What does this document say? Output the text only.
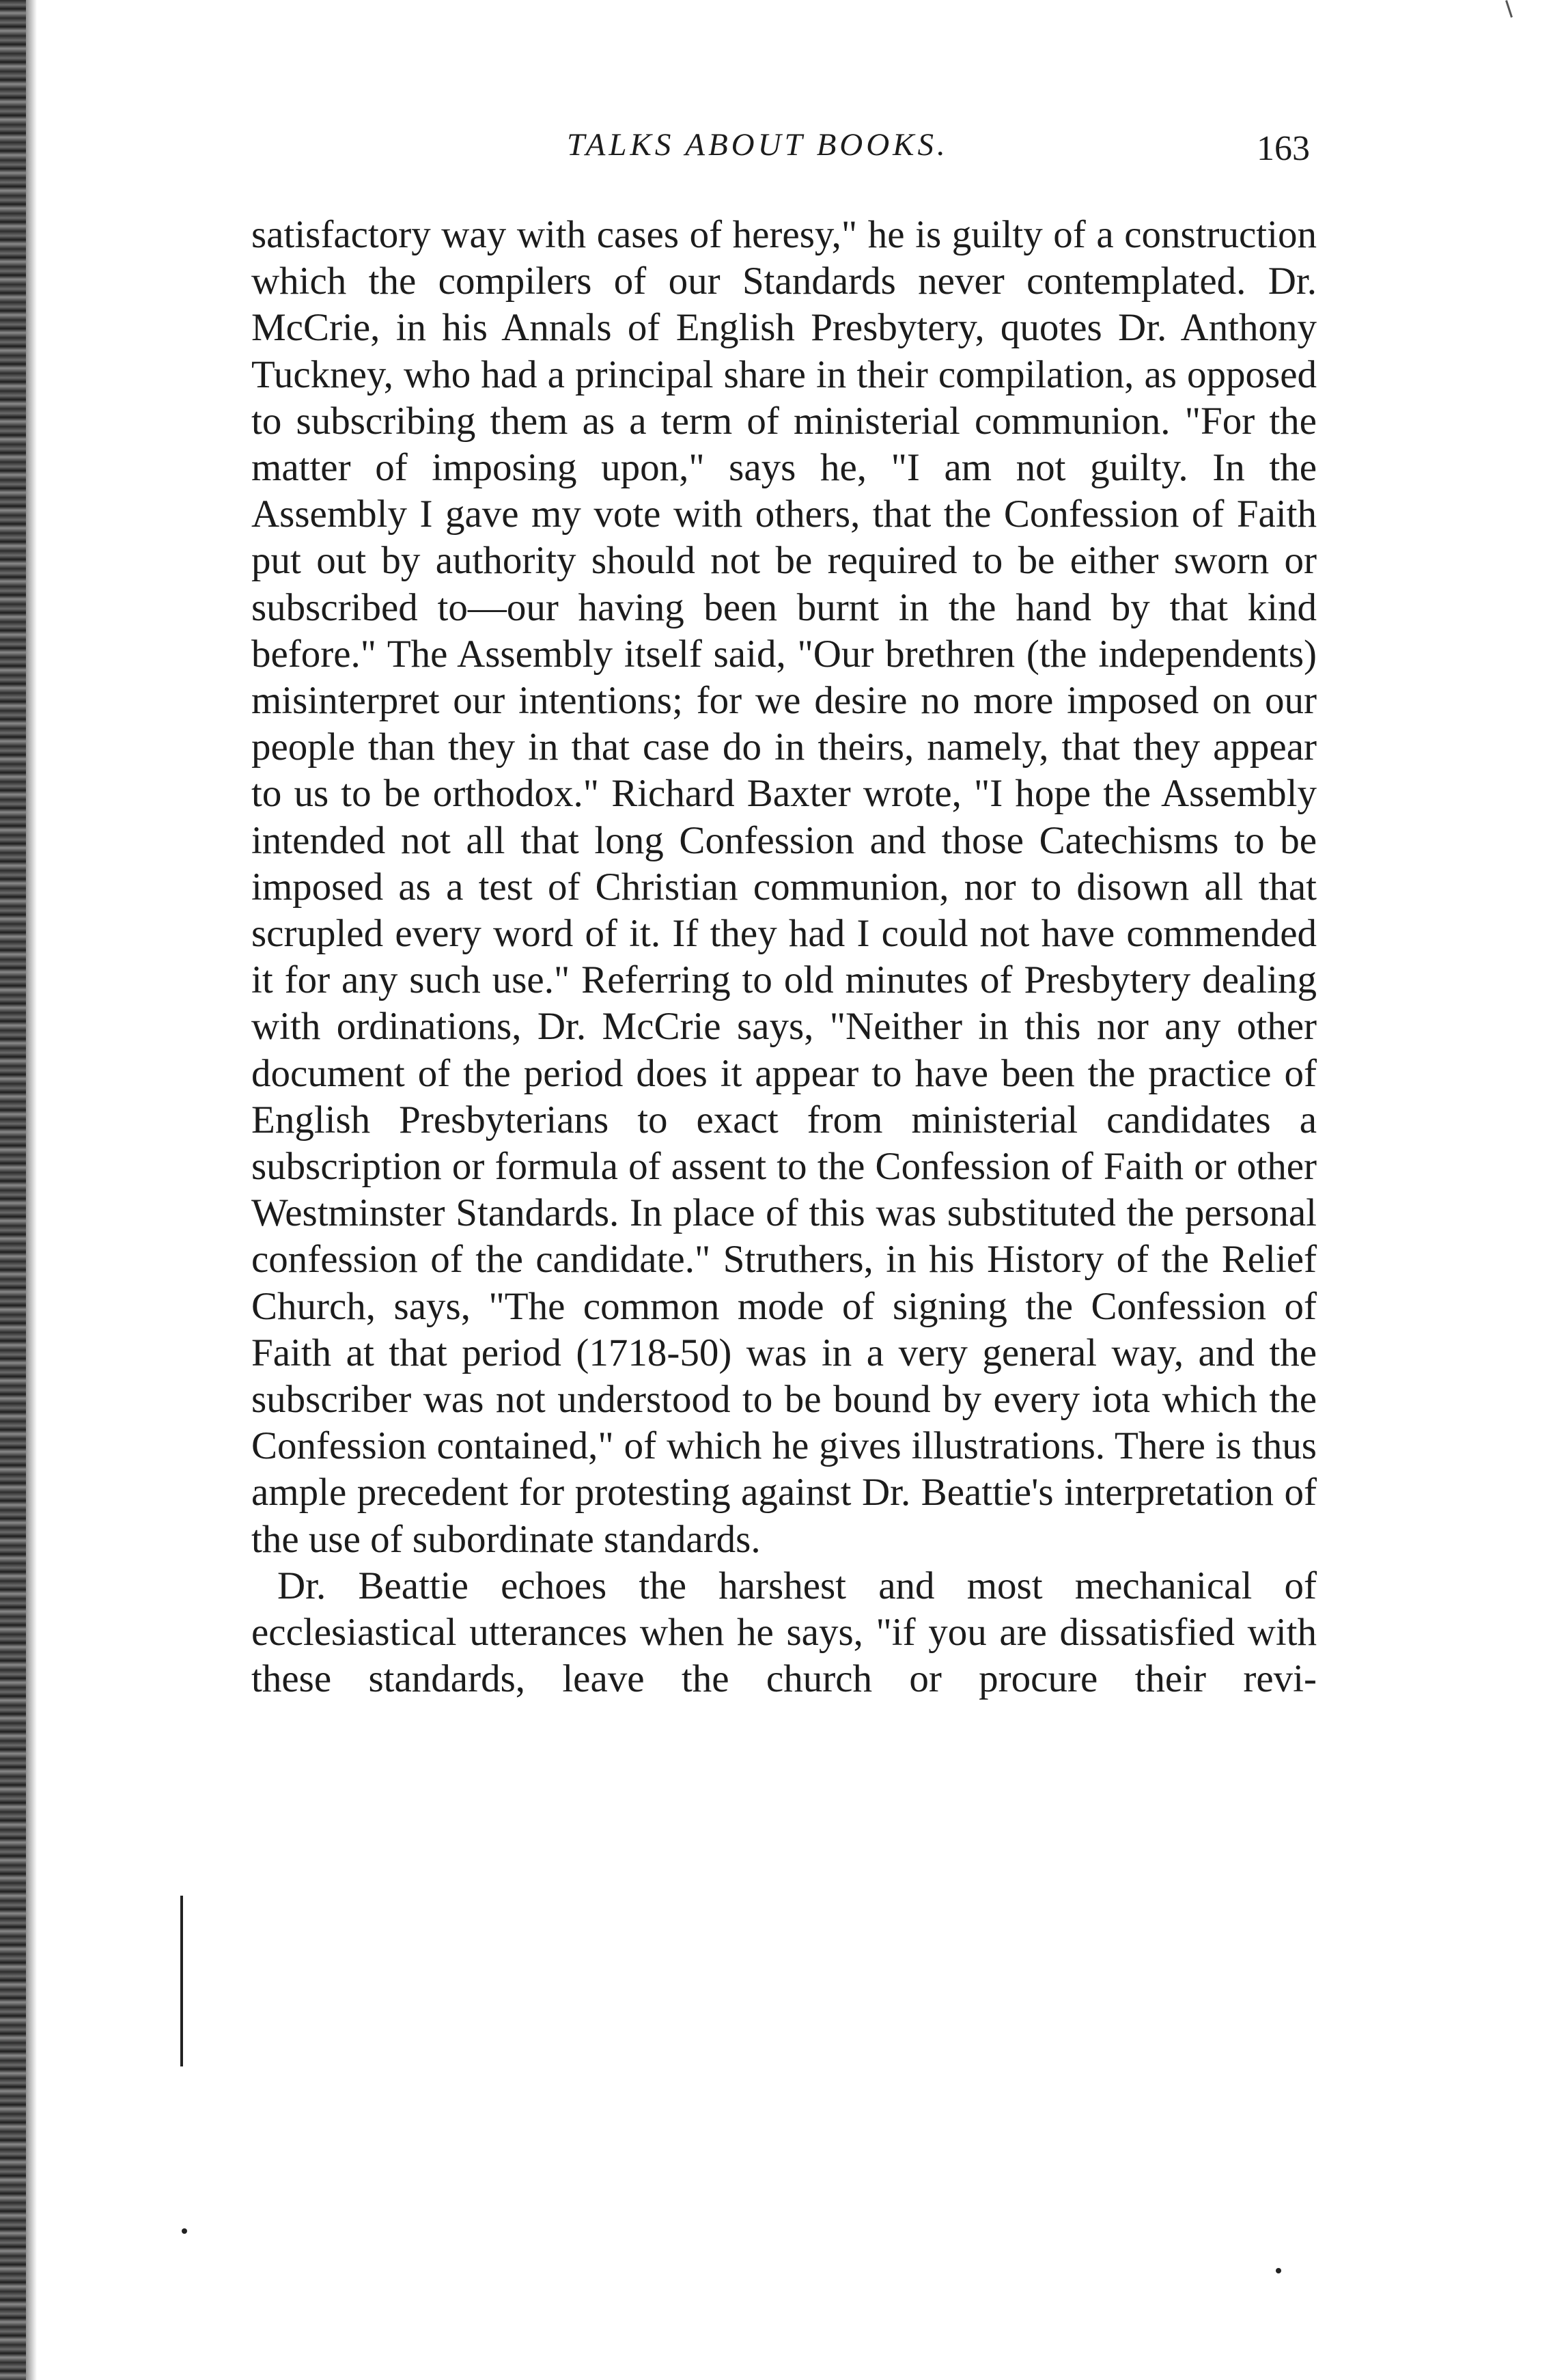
TALKS ABOUT BOOKS.	163

satisfactory way with cases of heresy," he is guilty of a construction which the compilers of our Standards never contemplated. Dr. McCrie, in his Annals of English Presbytery, quotes Dr. Anthony Tuckney, who had a principal share in their compilation, as opposed to subscribing them as a term of ministerial communion. "For the matter of imposing upon," says he, "I am not guilty. In the Assembly I gave my vote with others, that the Confession of Faith put out by authority should not be required to be either sworn or subscribed to—our having been burnt in the hand by that kind before." The Assembly itself said, "Our brethren (the independents) misinterpret our intentions; for we desire no more imposed on our people than they in that case do in theirs, namely, that they appear to us to be orthodox." Richard Baxter wrote, "I hope the Assembly intended not all that long Confession and those Catechisms to be imposed as a test of Christian communion, nor to disown all that scrupled every word of it. If they had I could not have commended it for any such use." Referring to old minutes of Presbytery dealing with ordinations, Dr. McCrie says, "Neither in this nor any other document of the period does it appear to have been the practice of English Presbyterians to exact from ministerial candidates a subscription or formula of assent to the Confession of Faith or other Westminster Standards. In place of this was substituted the personal confession of the candidate." Struthers, in his History of the Relief Church, says, "The common mode of signing the Confession of Faith at that period (1718-50) was in a very general way, and the subscriber was not understood to be bound by every iota which the Confession contained," of which he gives illustrations. There is thus ample precedent for protesting against Dr. Beattie's interpretation of the use of subordinate standards.

Dr. Beattie echoes the harshest and most mechanical of ecclesiastical utterances when he says, "if you are dissatisfied with these standards, leave the church or procure their revi-
